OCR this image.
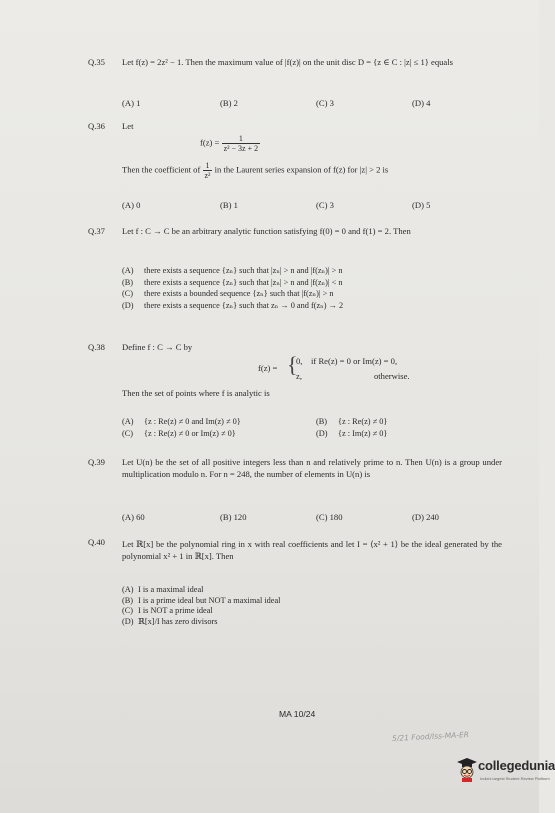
Q.35 Let f(z) = 2z² − 1. Then the maximum value of |f(z)| on the unit disc D = {z ∈ C : |z| ≤ 1} equals
(A) 1	(B) 2	(C) 3	(D) 4
Q.36 Let
$f(z) = \frac{1}{\text{z² − 3z + 2}}$
Then the coefficient of $\frac{1}{\text{z²}}$ in the Laurent series expansion of f(z) for |z| > 2 is
(A) 0	(B) 1	(C) 3	(D) 5
Q.37 Let f : C → C be an arbitrary analytic function satisfying f(0) = 0 and f(1) = 2. Then
(A) there exists a sequence {zₙ} such that |zₙ| > n and |f(zₙ)| > n
(B) there exists a sequence {zₙ} such that |zₙ| > n and |f(zₙ)| < n
(C) there exists a bounded sequence {zₙ} such that |f(zₙ)| > n
(D) there exists a sequence {zₙ} such that zₙ → 0 and f(zₙ) → 2
Q.38 Define f : C → C by
f(z) = {
0, if Re(z) = 0 or Im(z) = 0,
z,	otherwise.
Then the set of points where f is analytic is
(A) {z : Re(z) ≠ 0 and Im(z) ≠ 0}	(B) {z : Re(z) ≠ 0}
(C) {z : Re(z) ≠ 0 or Im(z) ≠ 0}	(D) {z : Im(z) ≠ 0}
Q.39 Let U(n) be the set of all positive integers less than n and relatively prime to n. Then U(n) is a group under multiplication modulo n. For n = 248, the number of elements in U(n) is
(A) 60	(B) 120	(C) 180	(D) 240
Q.40 Let ℝ[x] be the polynomial ring in x with real coefficients and let I = ⟨x² + 1⟩ be the ideal generated by the polynomial x² + 1 in ℝ[x]. Then
(A) I is a maximal ideal
(B) I is a prime ideal but NOT a maximal ideal
(C) I is NOT a prime ideal
(D) ℝ[x]/I has zero divisors
MA 10/24
5/21 Food/Iss-MA-ER
collegedunia
India's largest Student Review Platform
